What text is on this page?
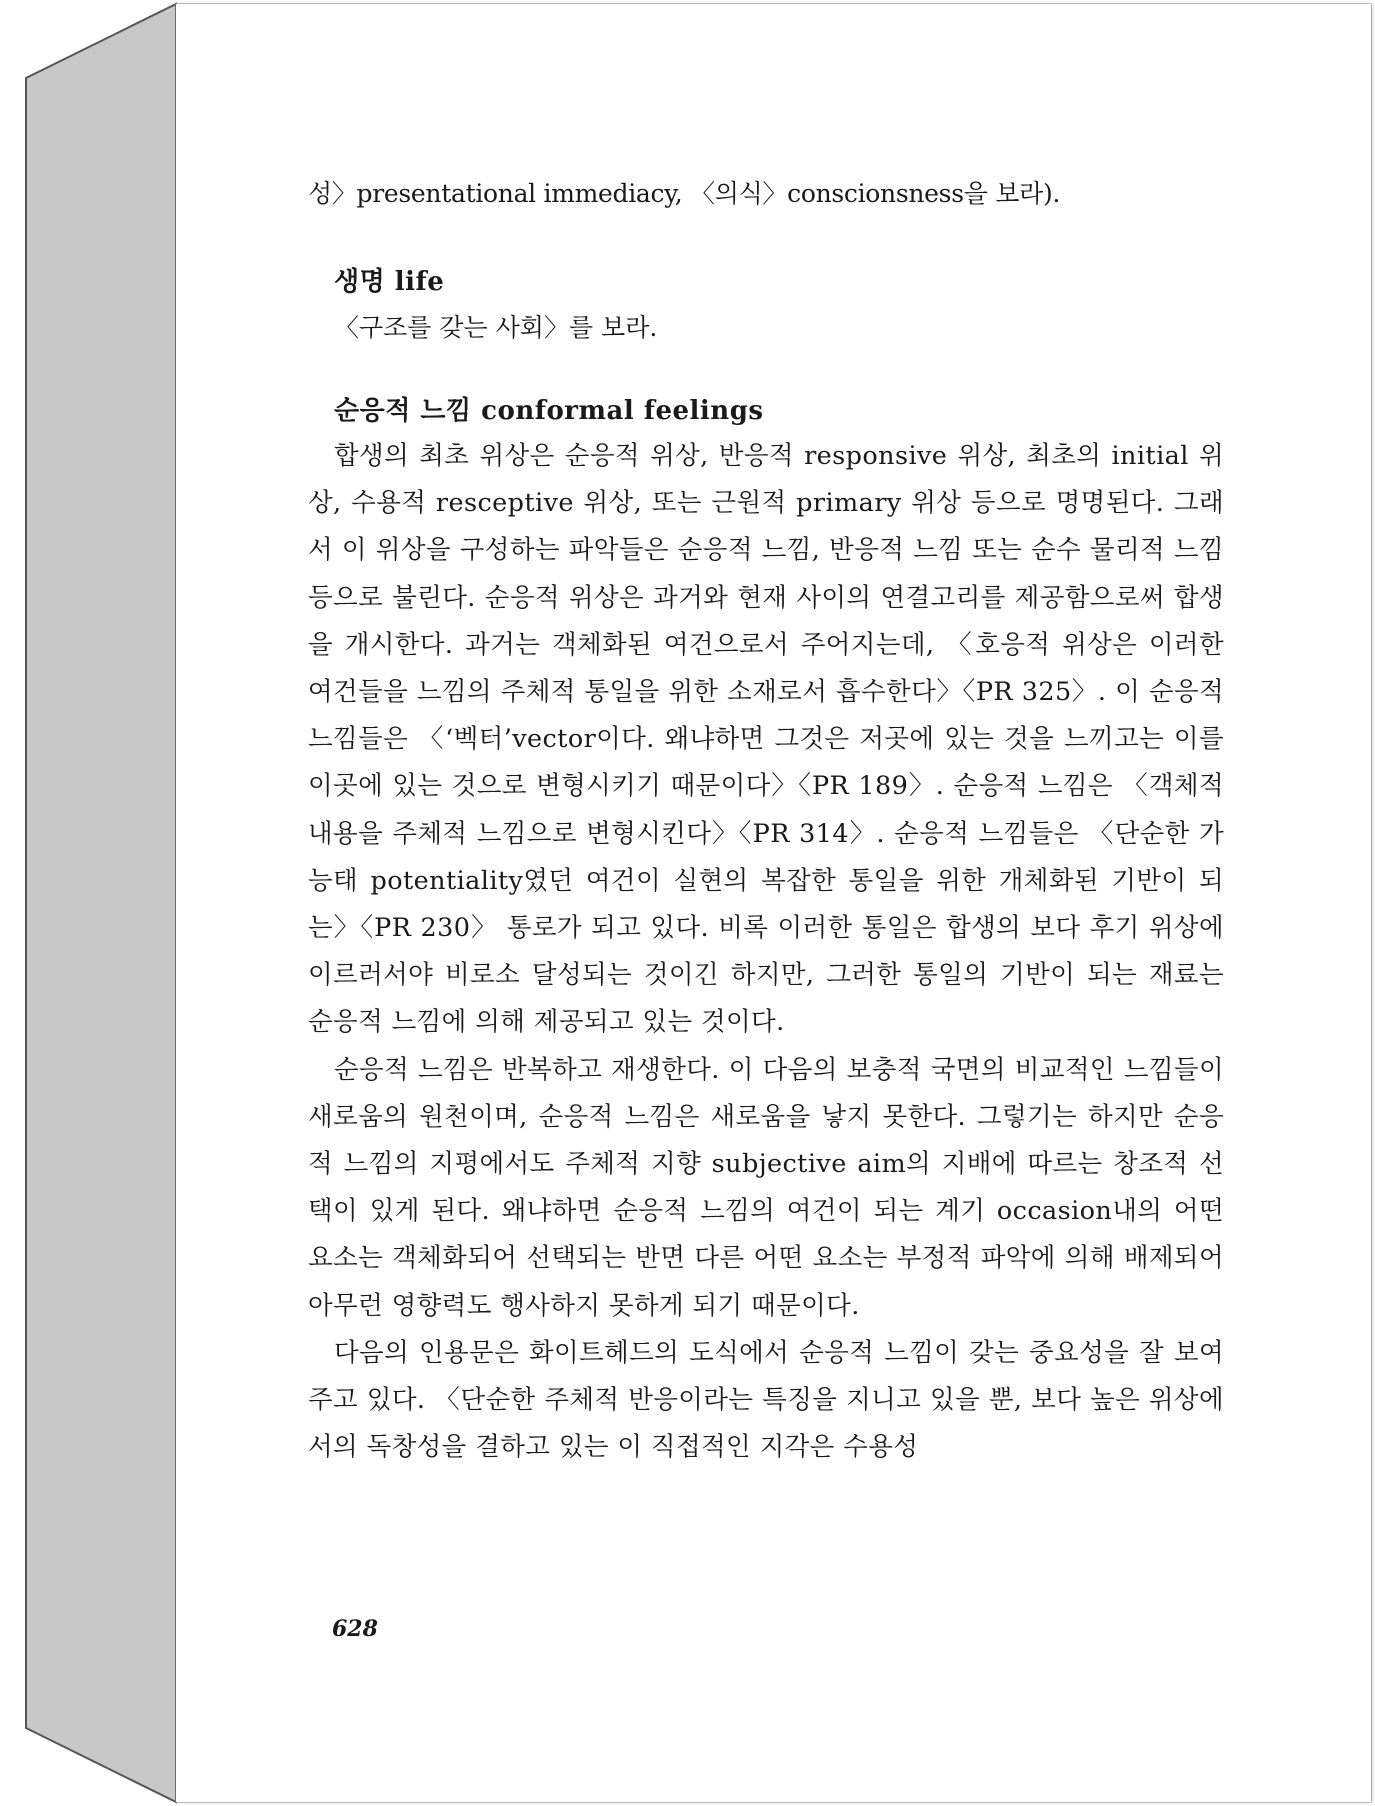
성〉presentational immediacy, 〈의식〉conscionsness을 보라).

생명 life

〈구조를 갖는 사회〉를 보라.

순응적 느낌 conformal feelings

합생의 최초 위상은 순응적 위상, 반응적 responsive 위상, 최초의 initial 위상, 수용적 resceptive 위상, 또는 근원적 primary 위상 등으로 명명된다. 그래서 이 위상을 구성하는 파악들은 순응적 느낌, 반응적 느낌 또는 순수 물리적 느낌 등으로 불린다. 순응적 위상은 과거와 현재 사이의 연결고리를 제공함으로써 합생을 개시한다. 과거는 객체화된 여건으로서 주어지는데, 〈호응적 위상은 이러한 여건들을 느낌의 주체적 통일을 위한 소재로서 흡수한다〉〈PR 325〉. 이 순응적 느낌들은 〈‘벡터’vector이다. 왜냐하면 그것은 저곳에 있는 것을 느끼고는 이를 이곳에 있는 것으로 변형시키기 때문이다〉〈PR 189〉. 순응적 느낌은 〈객체적 내용을 주체적 느낌으로 변형시킨다〉〈PR 314〉. 순응적 느낌들은 〈단순한 가능태 potentiality였던 여건이 실현의 복잡한 통일을 위한 개체화된 기반이 되는〉〈PR 230〉 통로가 되고 있다. 비록 이러한 통일은 합생의 보다 후기 위상에 이르러서야 비로소 달성되는 것이긴 하지만, 그러한 통일의 기반이 되는 재료는 순응적 느낌에 의해 제공되고 있는 것이다.

순응적 느낌은 반복하고 재생한다. 이 다음의 보충적 국면의 비교적인 느낌들이 새로움의 원천이며, 순응적 느낌은 새로움을 낳지 못한다. 그렇기는 하지만 순응적 느낌의 지평에서도 주체적 지향 subjective aim의 지배에 따르는 창조적 선택이 있게 된다. 왜냐하면 순응적 느낌의 여건이 되는 계기 occasion내의 어떤 요소는 객체화되어 선택되는 반면 다른 어떤 요소는 부정적 파악에 의해 배제되어 아무런 영향력도 행사하지 못하게 되기 때문이다.

다음의 인용문은 화이트헤드의 도식에서 순응적 느낌이 갖는 중요성을 잘 보여 주고 있다. 〈단순한 주체적 반응이라는 특징을 지니고 있을 뿐, 보다 높은 위상에서의 독창성을 결하고 있는 이 직접적인 지각은 수용성

628
